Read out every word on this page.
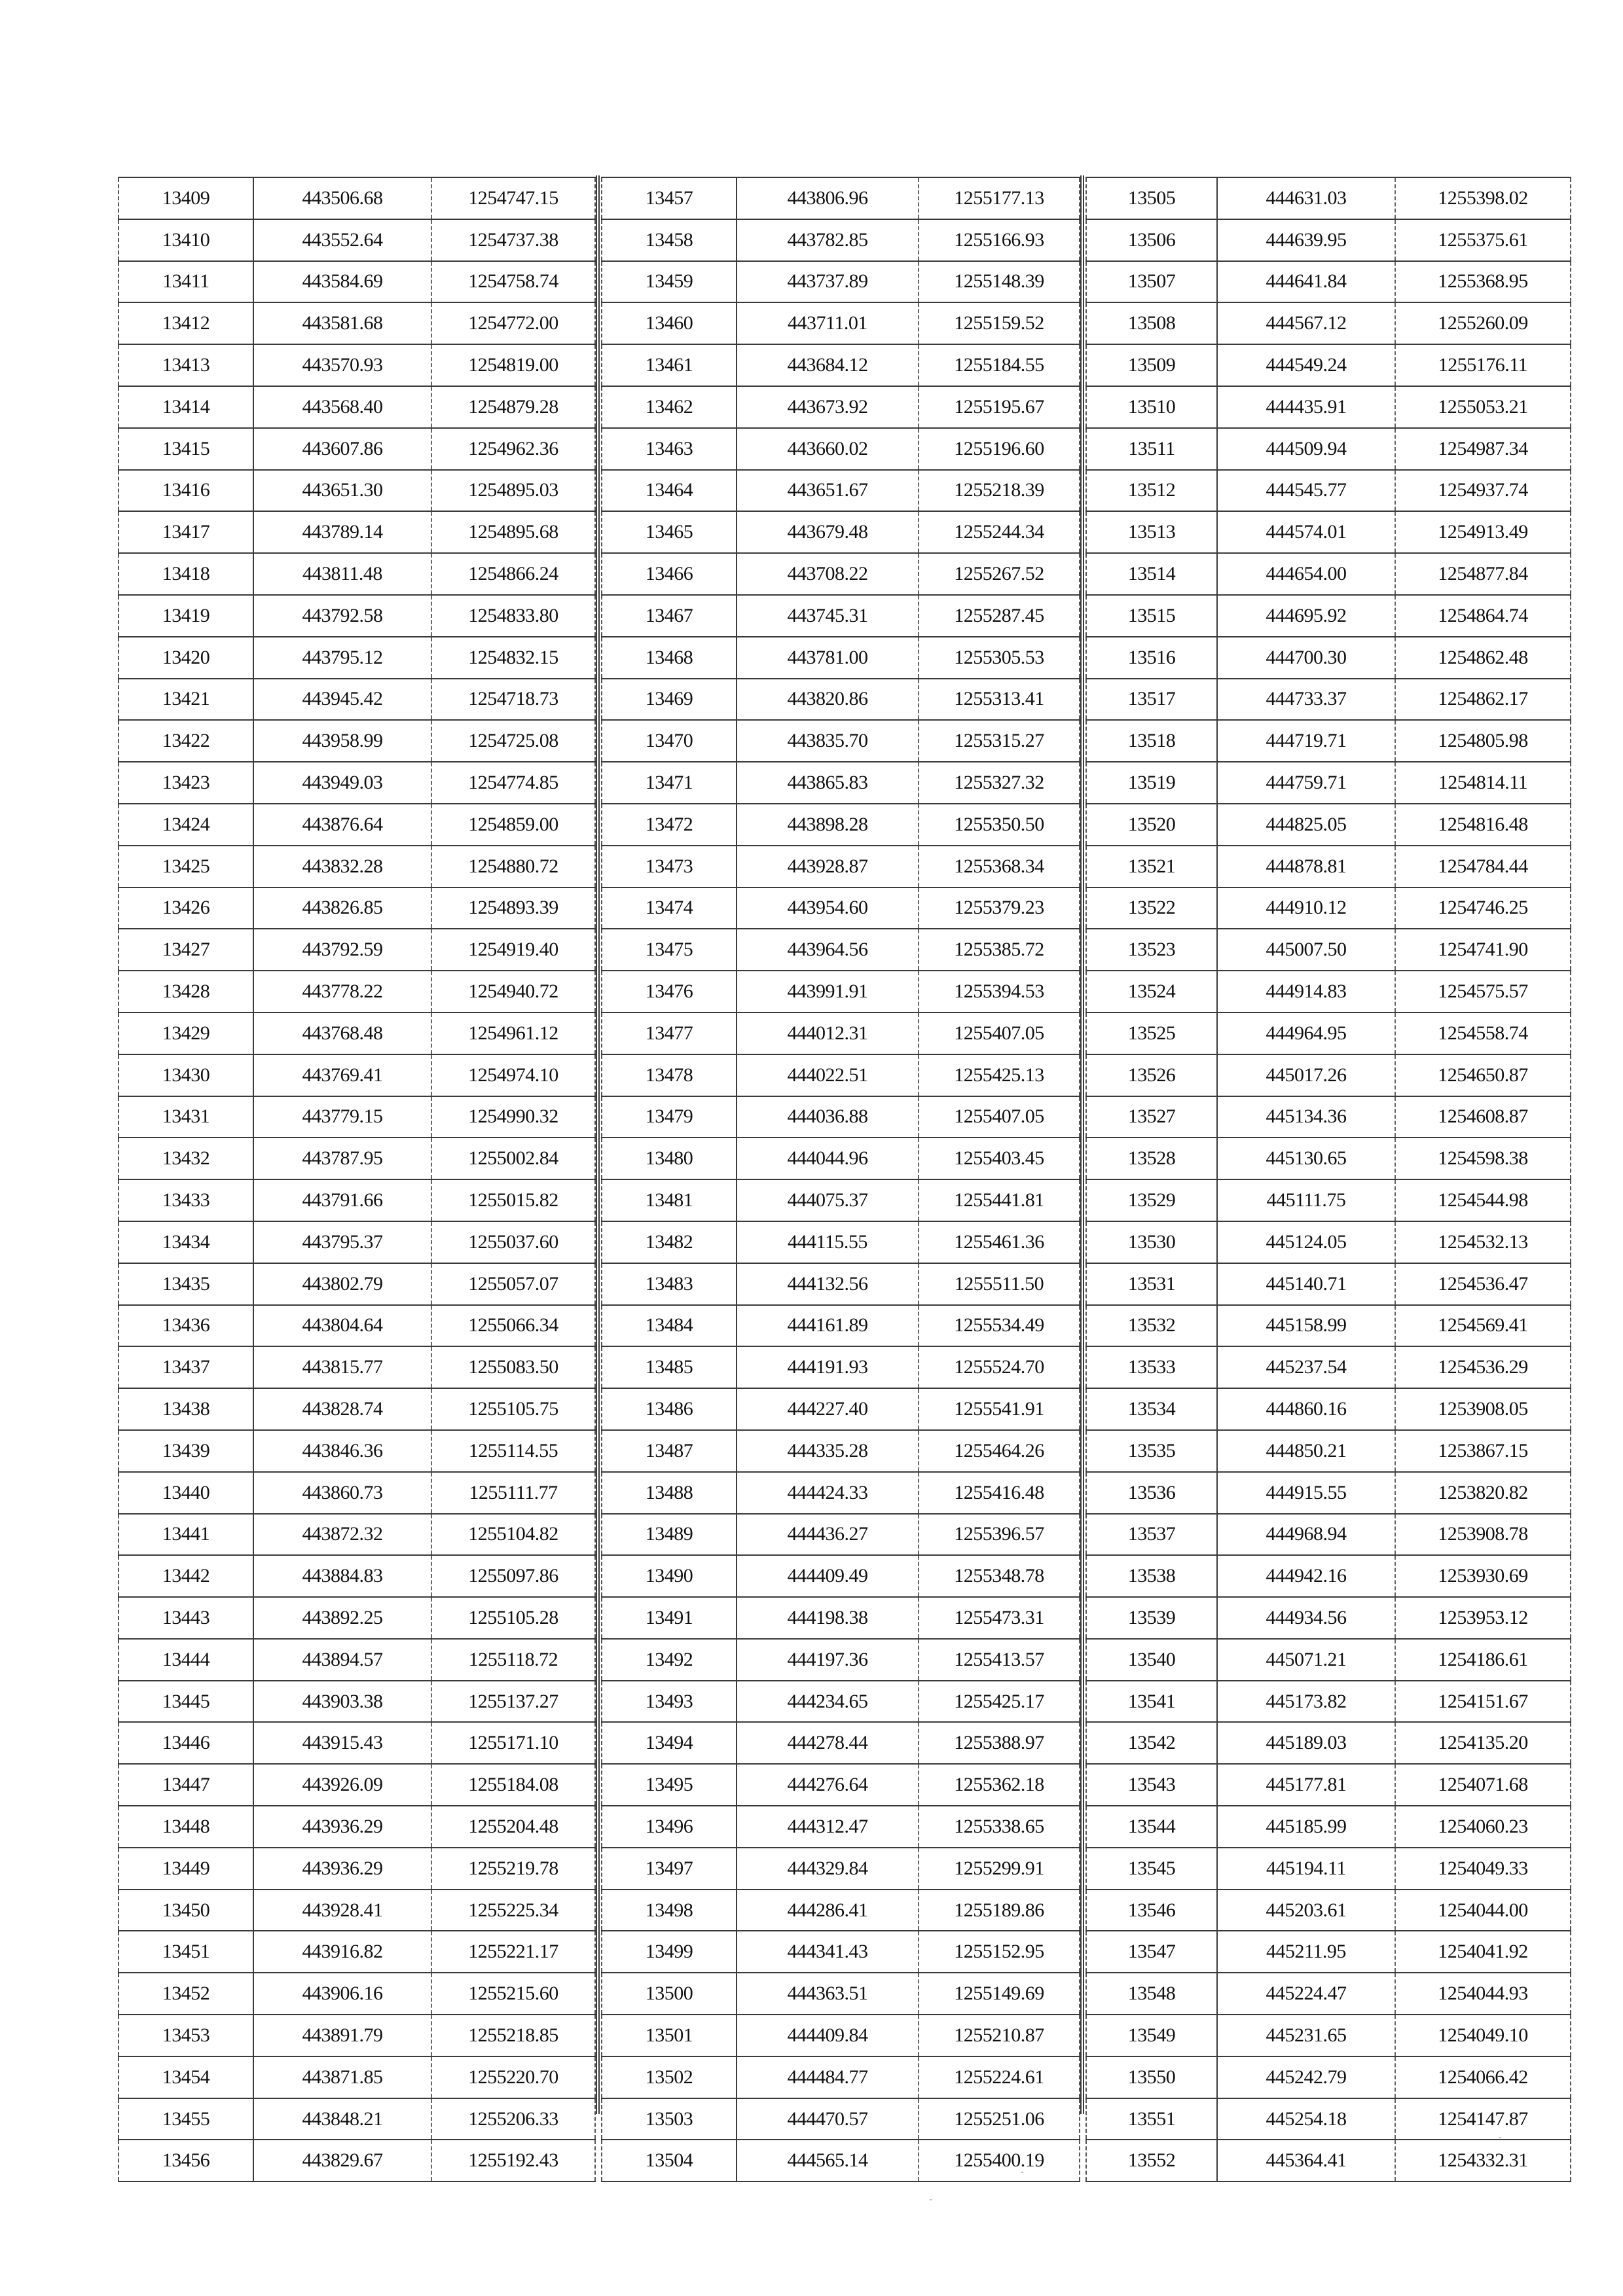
13409	443506.68	1254747.15
13410	443552.64	1254737.38
13411	443584.69	1254758.74
13412	443581.68	1254772.00
13413	443570.93	1254819.00
13414	443568.40	1254879.28
13415	443607.86	1254962.36
13416	443651.30	1254895.03
13417	443789.14	1254895.68
13418	443811.48	1254866.24
13419	443792.58	1254833.80
13420	443795.12	1254832.15
13421	443945.42	1254718.73
13422	443958.99	1254725.08
13423	443949.03	1254774.85
13424	443876.64	1254859.00
13425	443832.28	1254880.72
13426	443826.85	1254893.39
13427	443792.59	1254919.40
13428	443778.22	1254940.72
13429	443768.48	1254961.12
13430	443769.41	1254974.10
13431	443779.15	1254990.32
13432	443787.95	1255002.84
13433	443791.66	1255015.82
13434	443795.37	1255037.60
13435	443802.79	1255057.07
13436	443804.64	1255066.34
13437	443815.77	1255083.50
13438	443828.74	1255105.75
13439	443846.36	1255114.55
13440	443860.73	1255111.77
13441	443872.32	1255104.82
13442	443884.83	1255097.86
13443	443892.25	1255105.28
13444	443894.57	1255118.72
13445	443903.38	1255137.27
13446	443915.43	1255171.10
13447	443926.09	1255184.08
13448	443936.29	1255204.48
13449	443936.29	1255219.78
13450	443928.41	1255225.34
13451	443916.82	1255221.17
13452	443906.16	1255215.60
13453	443891.79	1255218.85
13454	443871.85	1255220.70
13455	443848.21	1255206.33
13456	443829.67	1255192.43
13457	443806.96	1255177.13
13458	443782.85	1255166.93
13459	443737.89	1255148.39
13460	443711.01	1255159.52
13461	443684.12	1255184.55
13462	443673.92	1255195.67
13463	443660.02	1255196.60
13464	443651.67	1255218.39
13465	443679.48	1255244.34
13466	443708.22	1255267.52
13467	443745.31	1255287.45
13468	443781.00	1255305.53
13469	443820.86	1255313.41
13470	443835.70	1255315.27
13471	443865.83	1255327.32
13472	443898.28	1255350.50
13473	443928.87	1255368.34
13474	443954.60	1255379.23
13475	443964.56	1255385.72
13476	443991.91	1255394.53
13477	444012.31	1255407.05
13478	444022.51	1255425.13
13479	444036.88	1255407.05
13480	444044.96	1255403.45
13481	444075.37	1255441.81
13482	444115.55	1255461.36
13483	444132.56	1255511.50
13484	444161.89	1255534.49
13485	444191.93	1255524.70
13486	444227.40	1255541.91
13487	444335.28	1255464.26
13488	444424.33	1255416.48
13489	444436.27	1255396.57
13490	444409.49	1255348.78
13491	444198.38	1255473.31
13492	444197.36	1255413.57
13493	444234.65	1255425.17
13494	444278.44	1255388.97
13495	444276.64	1255362.18
13496	444312.47	1255338.65
13497	444329.84	1255299.91
13498	444286.41	1255189.86
13499	444341.43	1255152.95
13500	444363.51	1255149.69
13501	444409.84	1255210.87
13502	444484.77	1255224.61
13503	444470.57	1255251.06
13504	444565.14	1255400.19
13505	444631.03	1255398.02
13506	444639.95	1255375.61
13507	444641.84	1255368.95
13508	444567.12	1255260.09
13509	444549.24	1255176.11
13510	444435.91	1255053.21
13511	444509.94	1254987.34
13512	444545.77	1254937.74
13513	444574.01	1254913.49
13514	444654.00	1254877.84
13515	444695.92	1254864.74
13516	444700.30	1254862.48
13517	444733.37	1254862.17
13518	444719.71	1254805.98
13519	444759.71	1254814.11
13520	444825.05	1254816.48
13521	444878.81	1254784.44
13522	444910.12	1254746.25
13523	445007.50	1254741.90
13524	444914.83	1254575.57
13525	444964.95	1254558.74
13526	445017.26	1254650.87
13527	445134.36	1254608.87
13528	445130.65	1254598.38
13529	445111.75	1254544.98
13530	445124.05	1254532.13
13531	445140.71	1254536.47
13532	445158.99	1254569.41
13533	445237.54	1254536.29
13534	444860.16	1253908.05
13535	444850.21	1253867.15
13536	444915.55	1253820.82
13537	444968.94	1253908.78
13538	444942.16	1253930.69
13539	444934.56	1253953.12
13540	445071.21	1254186.61
13541	445173.82	1254151.67
13542	445189.03	1254135.20
13543	445177.81	1254071.68
13544	445185.99	1254060.23
13545	445194.11	1254049.33
13546	445203.61	1254044.00
13547	445211.95	1254041.92
13548	445224.47	1254044.93
13549	445231.65	1254049.10
13550	445242.79	1254066.42
13551	445254.18	1254147.87
13552	445364.41	1254332.31
